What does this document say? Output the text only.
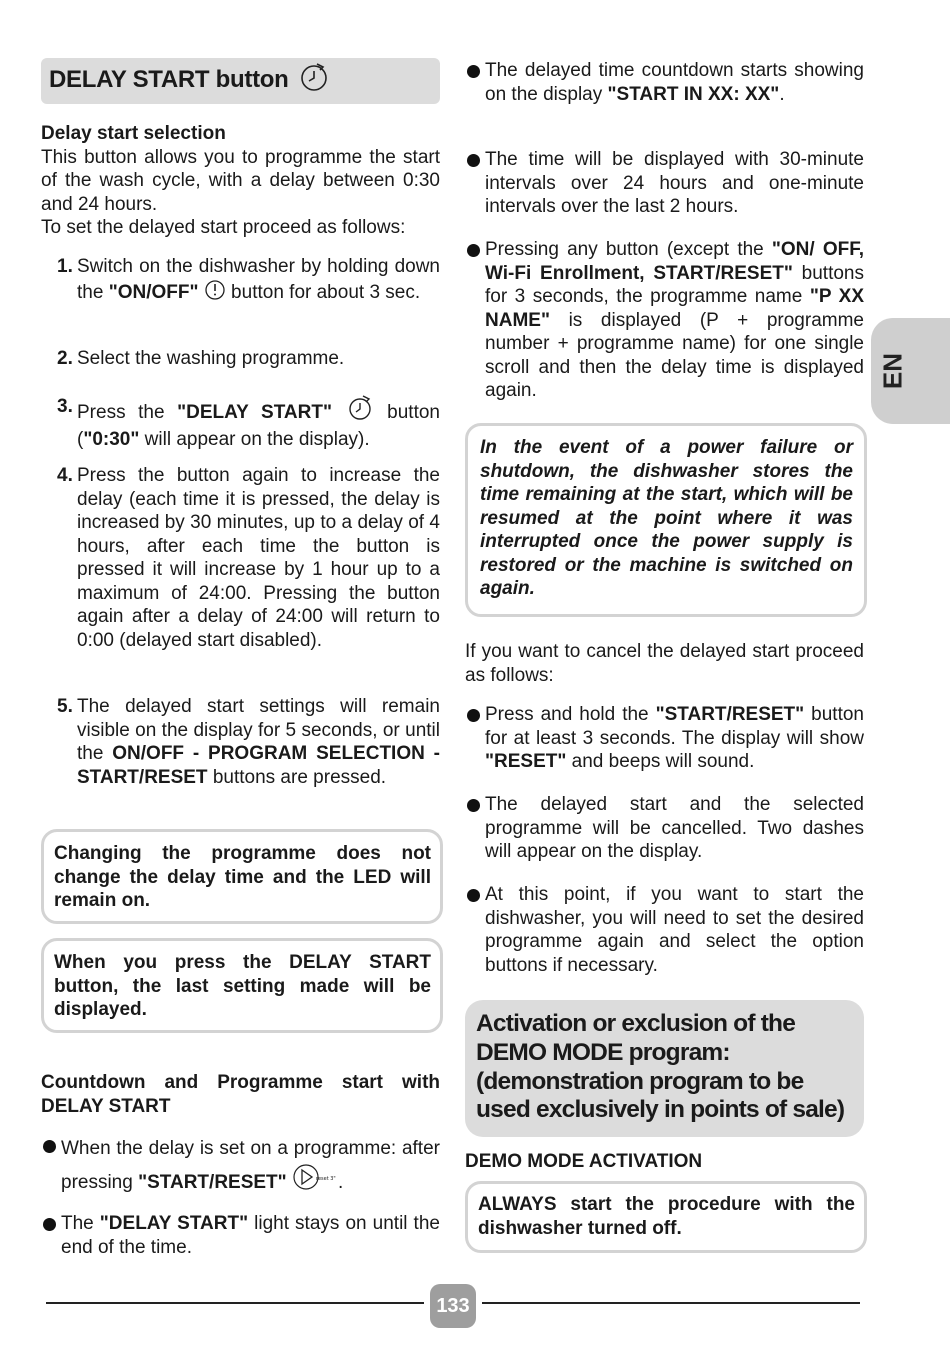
DELAY START button
Delay start selection

This button allows you to programme the start of the wash cycle, with a delay between 0:30 and 24 hours.

To set the delayed start proceed as follows:

1. Switch on the dishwasher by holding down the "ON/OFF"  button for about 3 sec.

2. Select the washing programme.

3. Press the "DELAY START"  button ("0:30" will appear on the display).

4. Press the button again to increase the delay (each time it is pressed, the delay is increased by 30 minutes, up to a delay of 4 hours, after each time the button is pressed it will increase by 1 hour up to a maximum of 24:00. Pressing the button again after a delay of 24:00 will return to 0:00 (delayed start disabled).

5. The delayed start settings will remain visible on the display for 5 seconds, or until the ON/OFF - PROGRAM SELECTION - START/RESET buttons are pressed.

Changing the programme does not change the delay time and the LED will remain on.
When you press the DELAY START button, the last setting made will be displayed.
Countdown and Programme start with DELAY START

When the delay is set on a programme: after pressing "START/RESET"	reset 3" .

The "DELAY START" light stays on until the end of the time.

The delayed time countdown starts showing on the display "START IN XX: XX".

The time will be displayed with 30-minute intervals over 24 hours and one-minute intervals over the last 2 hours.

Pressing any button (except the "ON/ OFF, Wi-Fi Enrollment, START/RESET" buttons for 3 seconds, the programme name "P XX NAME" is displayed (P + programme number + programme name) for one single scroll and then the delay time is displayed again.

In the event of a power failure or shutdown, the dishwasher stores the time remaining at the start, which will be resumed at the point where it was interrupted once the power supply is restored or the machine is switched on again.

If you want to cancel the delayed start proceed as follows:

Press and hold the "START/RESET" button for at least 3 seconds. The display will show "RESET" and beeps will sound.

The delayed start and the selected programme will be cancelled. Two dashes will appear on the display.

At this point, if you want to start the dishwasher, you will need to set the desired programme again and select the option buttons if necessary.

Activation or exclusion of the DEMO MODE program: (demonstration program to be used exclusively in points of sale)
DEMO MODE ACTIVATION
ALWAYS start the procedure with the dishwasher turned off.
EN
133
